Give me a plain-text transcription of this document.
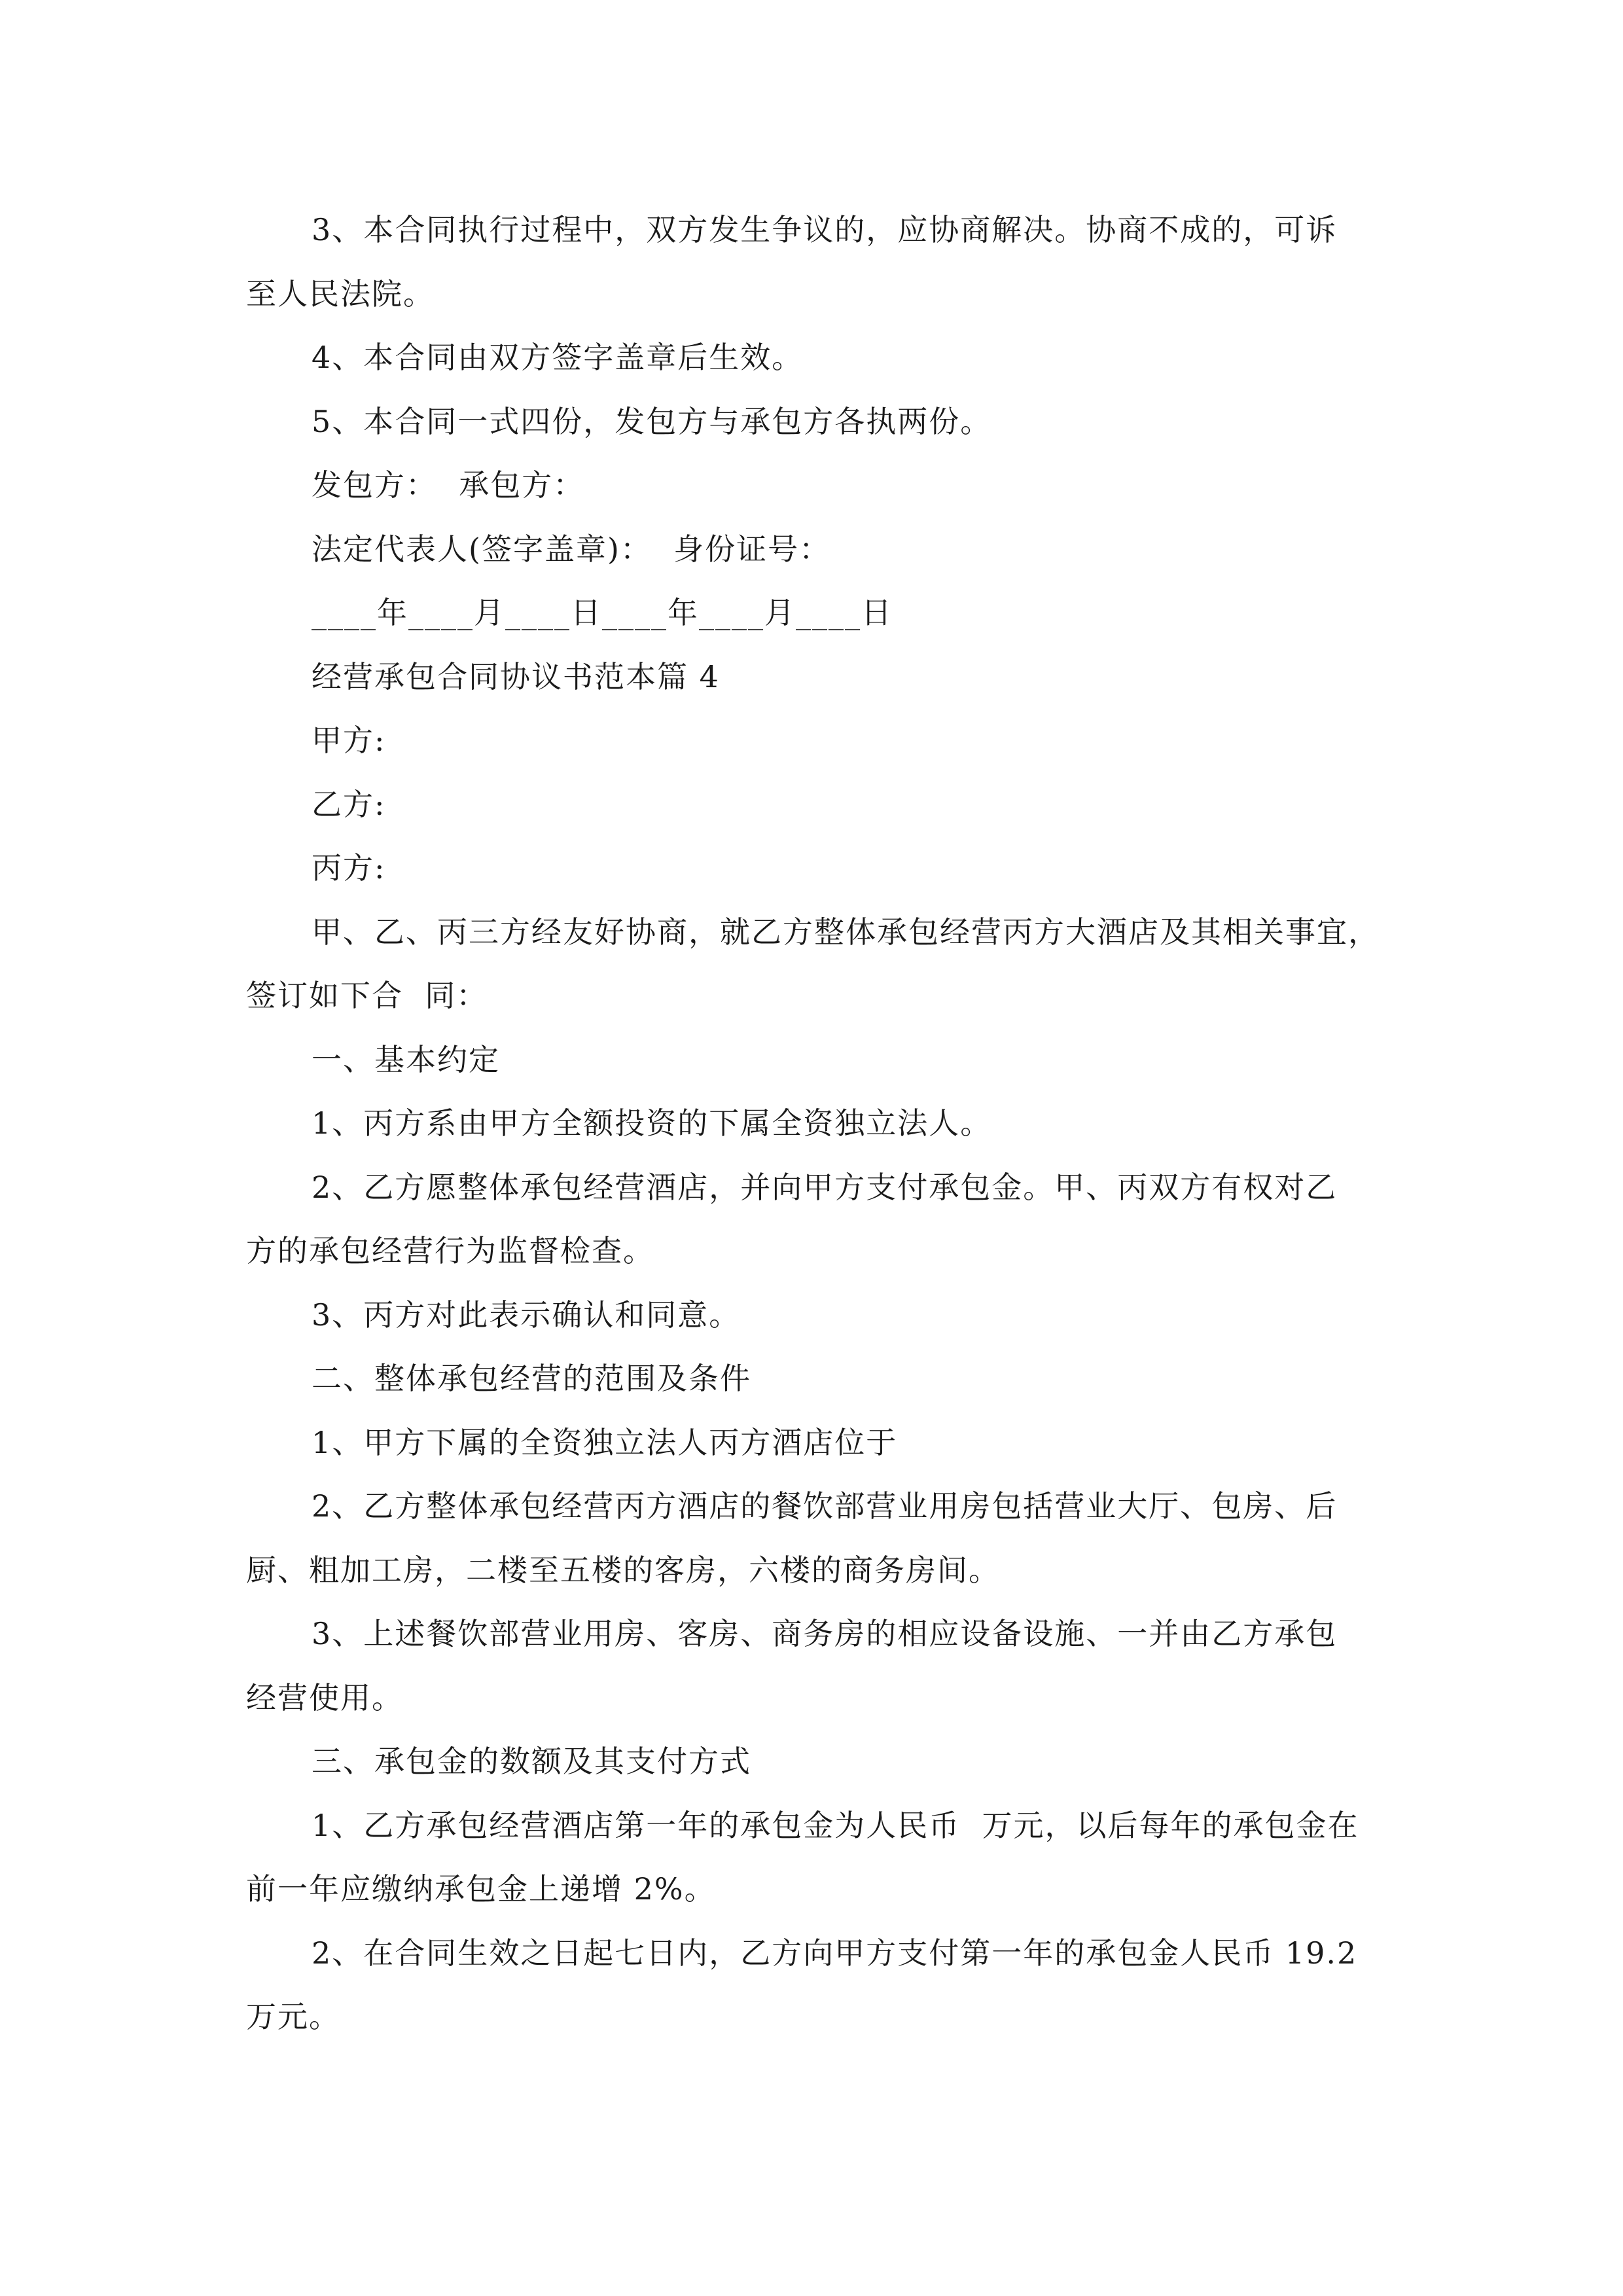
3、本合同执行过程中，双方发生争议的，应协商解决。协商不成的，可诉
至人民法院。
4、本合同由双方签字盖章后生效。
5、本合同一式四份，发包方与承包方各执两份。
发包方：  承包方：
法定代表人(签字盖章)：  身份证号：
____年____月____日____年____月____日
经营承包合同协议书范本篇 4
甲方:
乙方:
丙方:
甲、乙、丙三方经友好协商，就乙方整体承包经营丙方大酒店及其相关事宜，
签订如下合  同：
一、基本约定
1、丙方系由甲方全额投资的下属全资独立法人。
2、乙方愿整体承包经营酒店，并向甲方支付承包金。甲、丙双方有权对乙
方的承包经营行为监督检查。
3、丙方对此表示确认和同意。
二、整体承包经营的范围及条件
1、甲方下属的全资独立法人丙方酒店位于
2、乙方整体承包经营丙方酒店的餐饮部营业用房包括营业大厅、包房、后
厨、粗加工房，二楼至五楼的客房，六楼的商务房间。
3、上述餐饮部营业用房、客房、商务房的相应设备设施、一并由乙方承包
经营使用。
三、承包金的数额及其支付方式
1、乙方承包经营酒店第一年的承包金为人民币  万元，以后每年的承包金在
前一年应缴纳承包金上递增 2%。
2、在合同生效之日起七日内，乙方向甲方支付第一年的承包金人民币 19.2
万元。
